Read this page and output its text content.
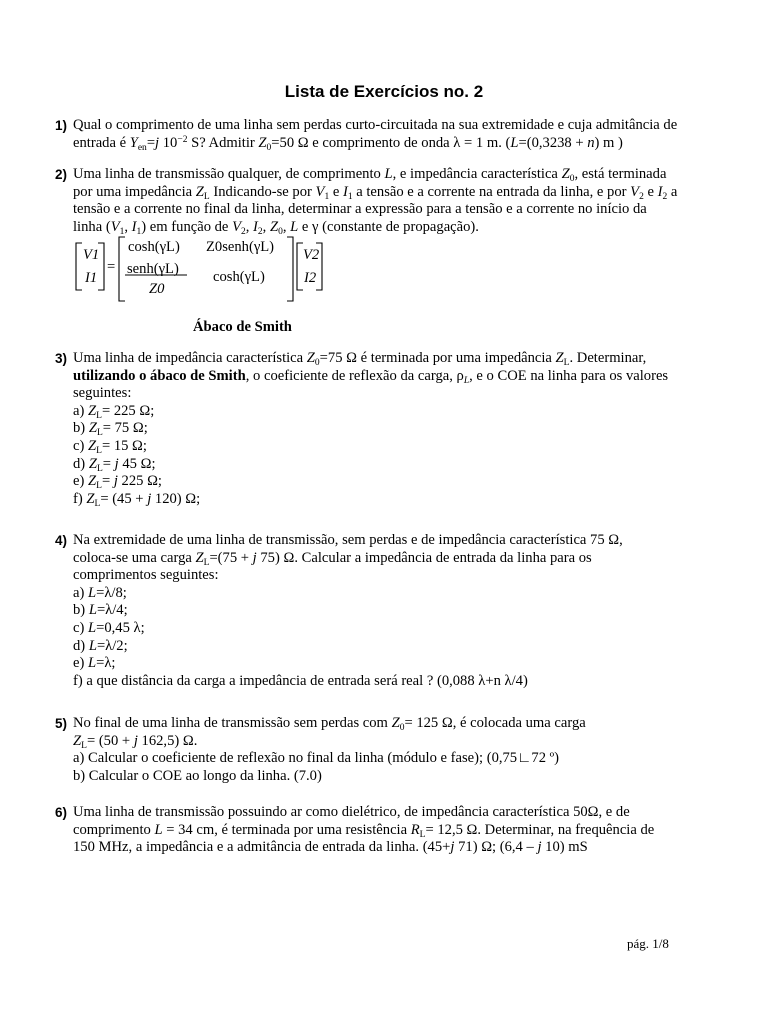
Lista de Exercícios no. 2
1) Qual o comprimento de uma linha sem perdas curto-circuitada na sua extremidade e cuja admitância de

entrada é $Y_{en}=j$ $10^{-2}$ S? Admitir $Z_0=50$ Ω e comprimento de onda λ = 1 m. (L=(0,3238 + n) m )

2) Uma linha de transmissão qualquer, de comprimento L, e impedância característica $Z_0$, está terminada

por uma impedância $Z_L$ Indicando-se por $V_1$ e $I_1$ a tensão e a corrente na entrada da linha, e por $V_2$ e $I_2$ a

tensão e a corrente no final da linha, determinar a expressão para a tensão e a corrente no início da

linha ($V_1$, $I_1$) em função de $V_2$, $I_2$, $Z_0$, L e γ (constante de propagação).

V1
I1
=
cosh(γL) Z0senh(γL)
senh(γL)
Z0
cosh(γL)
V2
I2
Ábaco de Smith
3) Uma linha de impedância característica $Z_0=75$ Ω é terminada por uma impedância $Z_L$. Determinar,

utilizando o ábaco de Smith, o coeficiente de reflexão da carga, $\rho_L$, e o COE na linha para os valores

seguintes:

a) $Z_L= 225$ Ω;

b) $Z_L= 75$ Ω;

c) $Z_L= 15$ Ω;

d) $Z_L= j$ 45 Ω;

e) $Z_L= j$ 225 Ω;

f) $Z_L= (45 + j$ 120) Ω;

4) Na extremidade de uma linha de transmissão, sem perdas e de impedância característica 75 Ω,

coloca-se uma carga $Z_L=(75 + j$ 75) Ω. Calcular a impedância de entrada da linha para os

comprimentos seguintes:

a) L=λ/8;

b) L=λ/4;

c) L=0,45 λ;

d) L=λ/2;

e) L=λ;

f) a que distância da carga a impedância de entrada será real ? (0,088 λ+n λ/4)

5) No final de uma linha de transmissão sem perdas com $Z_0= 125$ Ω, é colocada uma carga

$Z_L= (50 + j$ 162,5) Ω.

a) Calcular o coeficiente de reflexão no final da linha (módulo e fase); (0,75∟72 º)

b) Calcular o COE ao longo da linha. (7.0)

6) Uma linha de transmissão possuindo ar como dielétrico, de impedância característica 50Ω, e de

comprimento L = 34 cm, é terminada por uma resistência $R_L= 12,5$ Ω. Determinar, na frequência de

150 MHz, a impedância e a admitância de entrada da linha. (45+j 71) Ω; (6,4 – j 10) mS

pág. 1/8
